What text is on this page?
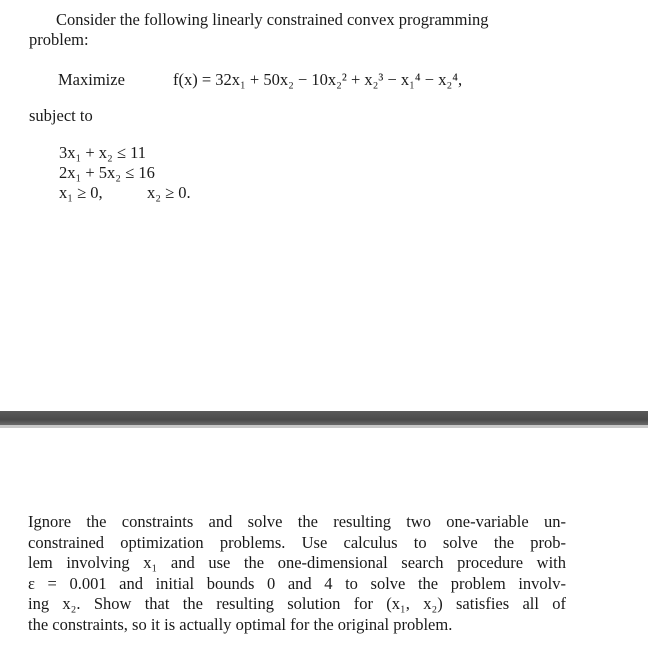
Consider the following linearly constrained convex programming
problem:
Maximize	f(x) = 32x₁ + 50x₂ − 10x₂² + x₂³ − x₁⁴ − x₂⁴,
subject to
3x₁ + x₂ ≤ 11
2x₁ + 5x₂ ≤ 16
x₁ ≥ 0,	x₂ ≥ 0.
Ignore the constraints and solve the resulting two one-variable un-
constrained optimization problems. Use calculus to solve the prob-
lem involving x₁ and use the one-dimensional search procedure with
ε = 0.001 and initial bounds 0 and 4 to solve the problem involv-
ing x₂. Show that the resulting solution for (x₁, x₂) satisfies all of
the constraints, so it is actually optimal for the original problem.
